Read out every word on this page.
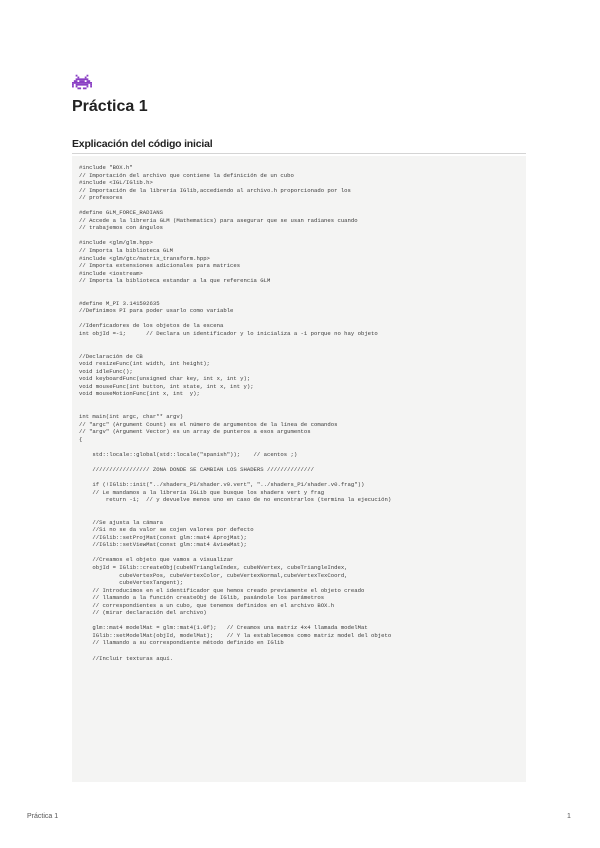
Práctica 1
Explicación del código inicial
#include "BOX.h"
// Importación del archivo que contiene la definición de un cubo
#include <IGL/IGlib.h>
// Importación de la librería IGlib,accediendo al archivo.h proporcionado por los
// profesores

#define GLM_FORCE_RADIANS
// Accede a la librería GLM (Mathematics) para asegurar que se usan radianes cuando
// trabajemos con ángulos

#include <glm/glm.hpp>
// Importa la biblioteca GLM
#include <glm/gtc/matrix_transform.hpp>
// Importa extensiones adicionales para matrices
#include <iostream>
// Importa la biblioteca estandar a la que referencia GLM

#define M_PI 3.141592635
//Definimos PI para poder usarlo como variable

//Idenficadores de los objetos de la escena
int objId =-1;      // Declara un identificador y lo inicializa a -1 porque no hay objeto

//Declaración de CB
void resizeFunc(int width, int height);
void idleFunc();
void keyboardFunc(unsigned char key, int x, int y);
void mouseFunc(int button, int state, int x, int y);
void mouseMotionFunc(int x, int  y);

int main(int argc, char** argv)
// "argc" (Argument Count) es el número de argumentos de la línea de comandos
// "argv" (Argument Vector) es un array de punteros a esos argumentos
{

std::locale::global(std::locale("spanish"));    // acentos ;)

///////////////// ZONA DONDE SE CAMBIAN LOS SHADERS //////////////

if (!IGlib::init("../shaders_P1/shader.v0.vert", "../shaders_P1/shader.v0.frag"))
// Le mandamos a la librería IGLib que busque los shaders vert y frag
return -1;  // y devuelve menos uno en caso de no encontrarlos (termina la ejecución)

//Se ajusta la cámara
//Si no se da valor se cojen valores por defecto
//IGlib::setProjMat(const glm::mat4 &projMat);
//IGlib::setViewMat(const glm::mat4 &viewMat);

//Creamos el objeto que vamos a visualizar
objId = IGlib::createObj(cubeNTriangleIndex, cubeNVertex, cubeTriangleIndex,
cubeVertexPos, cubeVertexColor, cubeVertexNormal,cubeVertexTexCoord,
cubeVertexTangent);
// Introducimos en el identificador que hemos creado previamente el objeto creado
// llamando a la función createObj de IGlib, pasándole los parámetros
// correspondientes a un cubo, que tenemos definidos en el archivo BOX.h
// (mirar declaración del archivo)

glm::mat4 modelMat = glm::mat4(1.0f);   // Creamos una matriz 4x4 llamada modelMat
IGlib::setModelMat(objId, modelMat);    // Y la establecemos como matriz model del objeto
// llamando a su correspondiente método definido en IGlib

//Incluir texturas aquí.
Práctica 1	1
